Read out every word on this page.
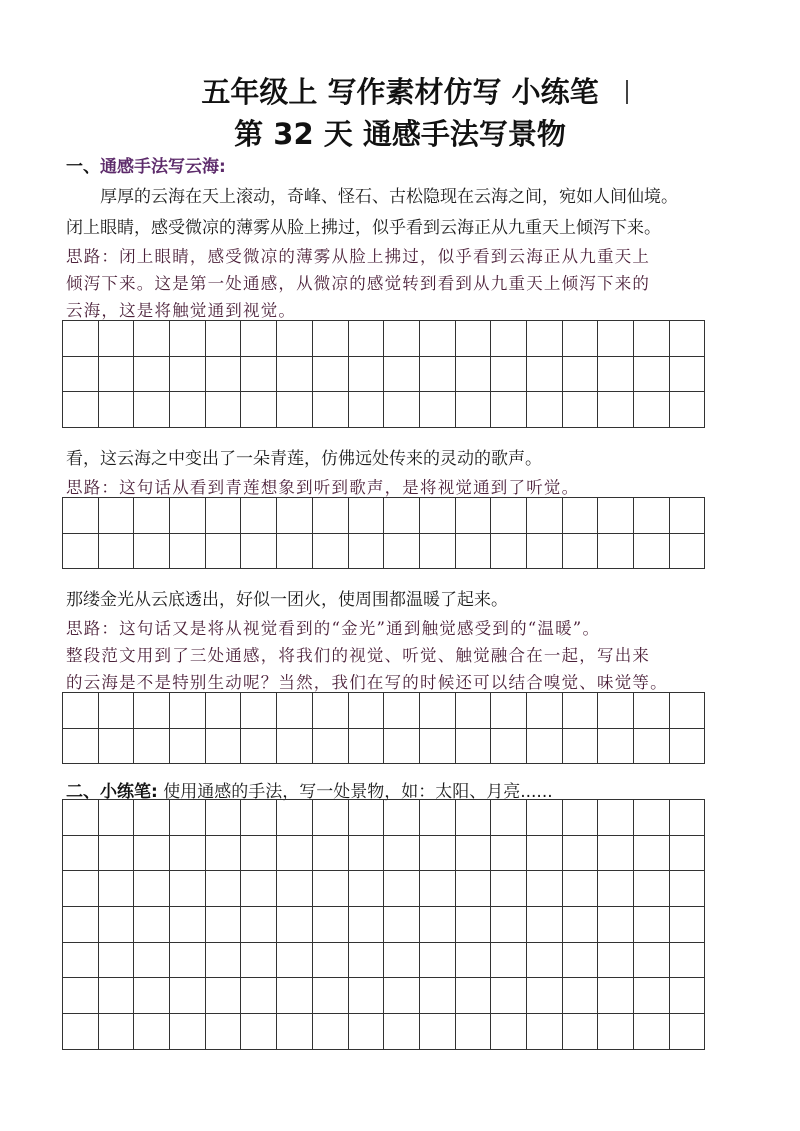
五年级上 写作素材仿写 小练笔
第 32 天 通感手法写景物
一、通感手法写云海:
厚厚的云海在天上滚动，奇峰、怪石、古松隐现在云海之间，宛如人间仙境。
闭上眼睛，感受微凉的薄雾从脸上拂过，似乎看到云海正从九重天上倾泻下来。
思路：闭上眼睛，感受微凉的薄雾从脸上拂过，似乎看到云海正从九重天上
倾泻下来。这是第一处通感，从微凉的感觉转到看到从九重天上倾泻下来的
云海，这是将触觉通到视觉。

看，这云海之中变出了一朵青莲，仿佛远处传来的灵动的歌声。
思路：这句话从看到青莲想象到听到歌声，是将视觉通到了听觉。

那缕金光从云底透出，好似一团火，使周围都温暖了起来。
思路：这句话又是将从视觉看到的“金光”通到触觉感受到的“温暖”。
整段范文用到了三处通感，将我们的视觉、听觉、触觉融合在一起，写出来
的云海是不是特别生动呢？当然，我们在写的时候还可以结合嗅觉、味觉等。

二、小练笔: 使用通感的手法，写一处景物，如：太阳、月亮......
